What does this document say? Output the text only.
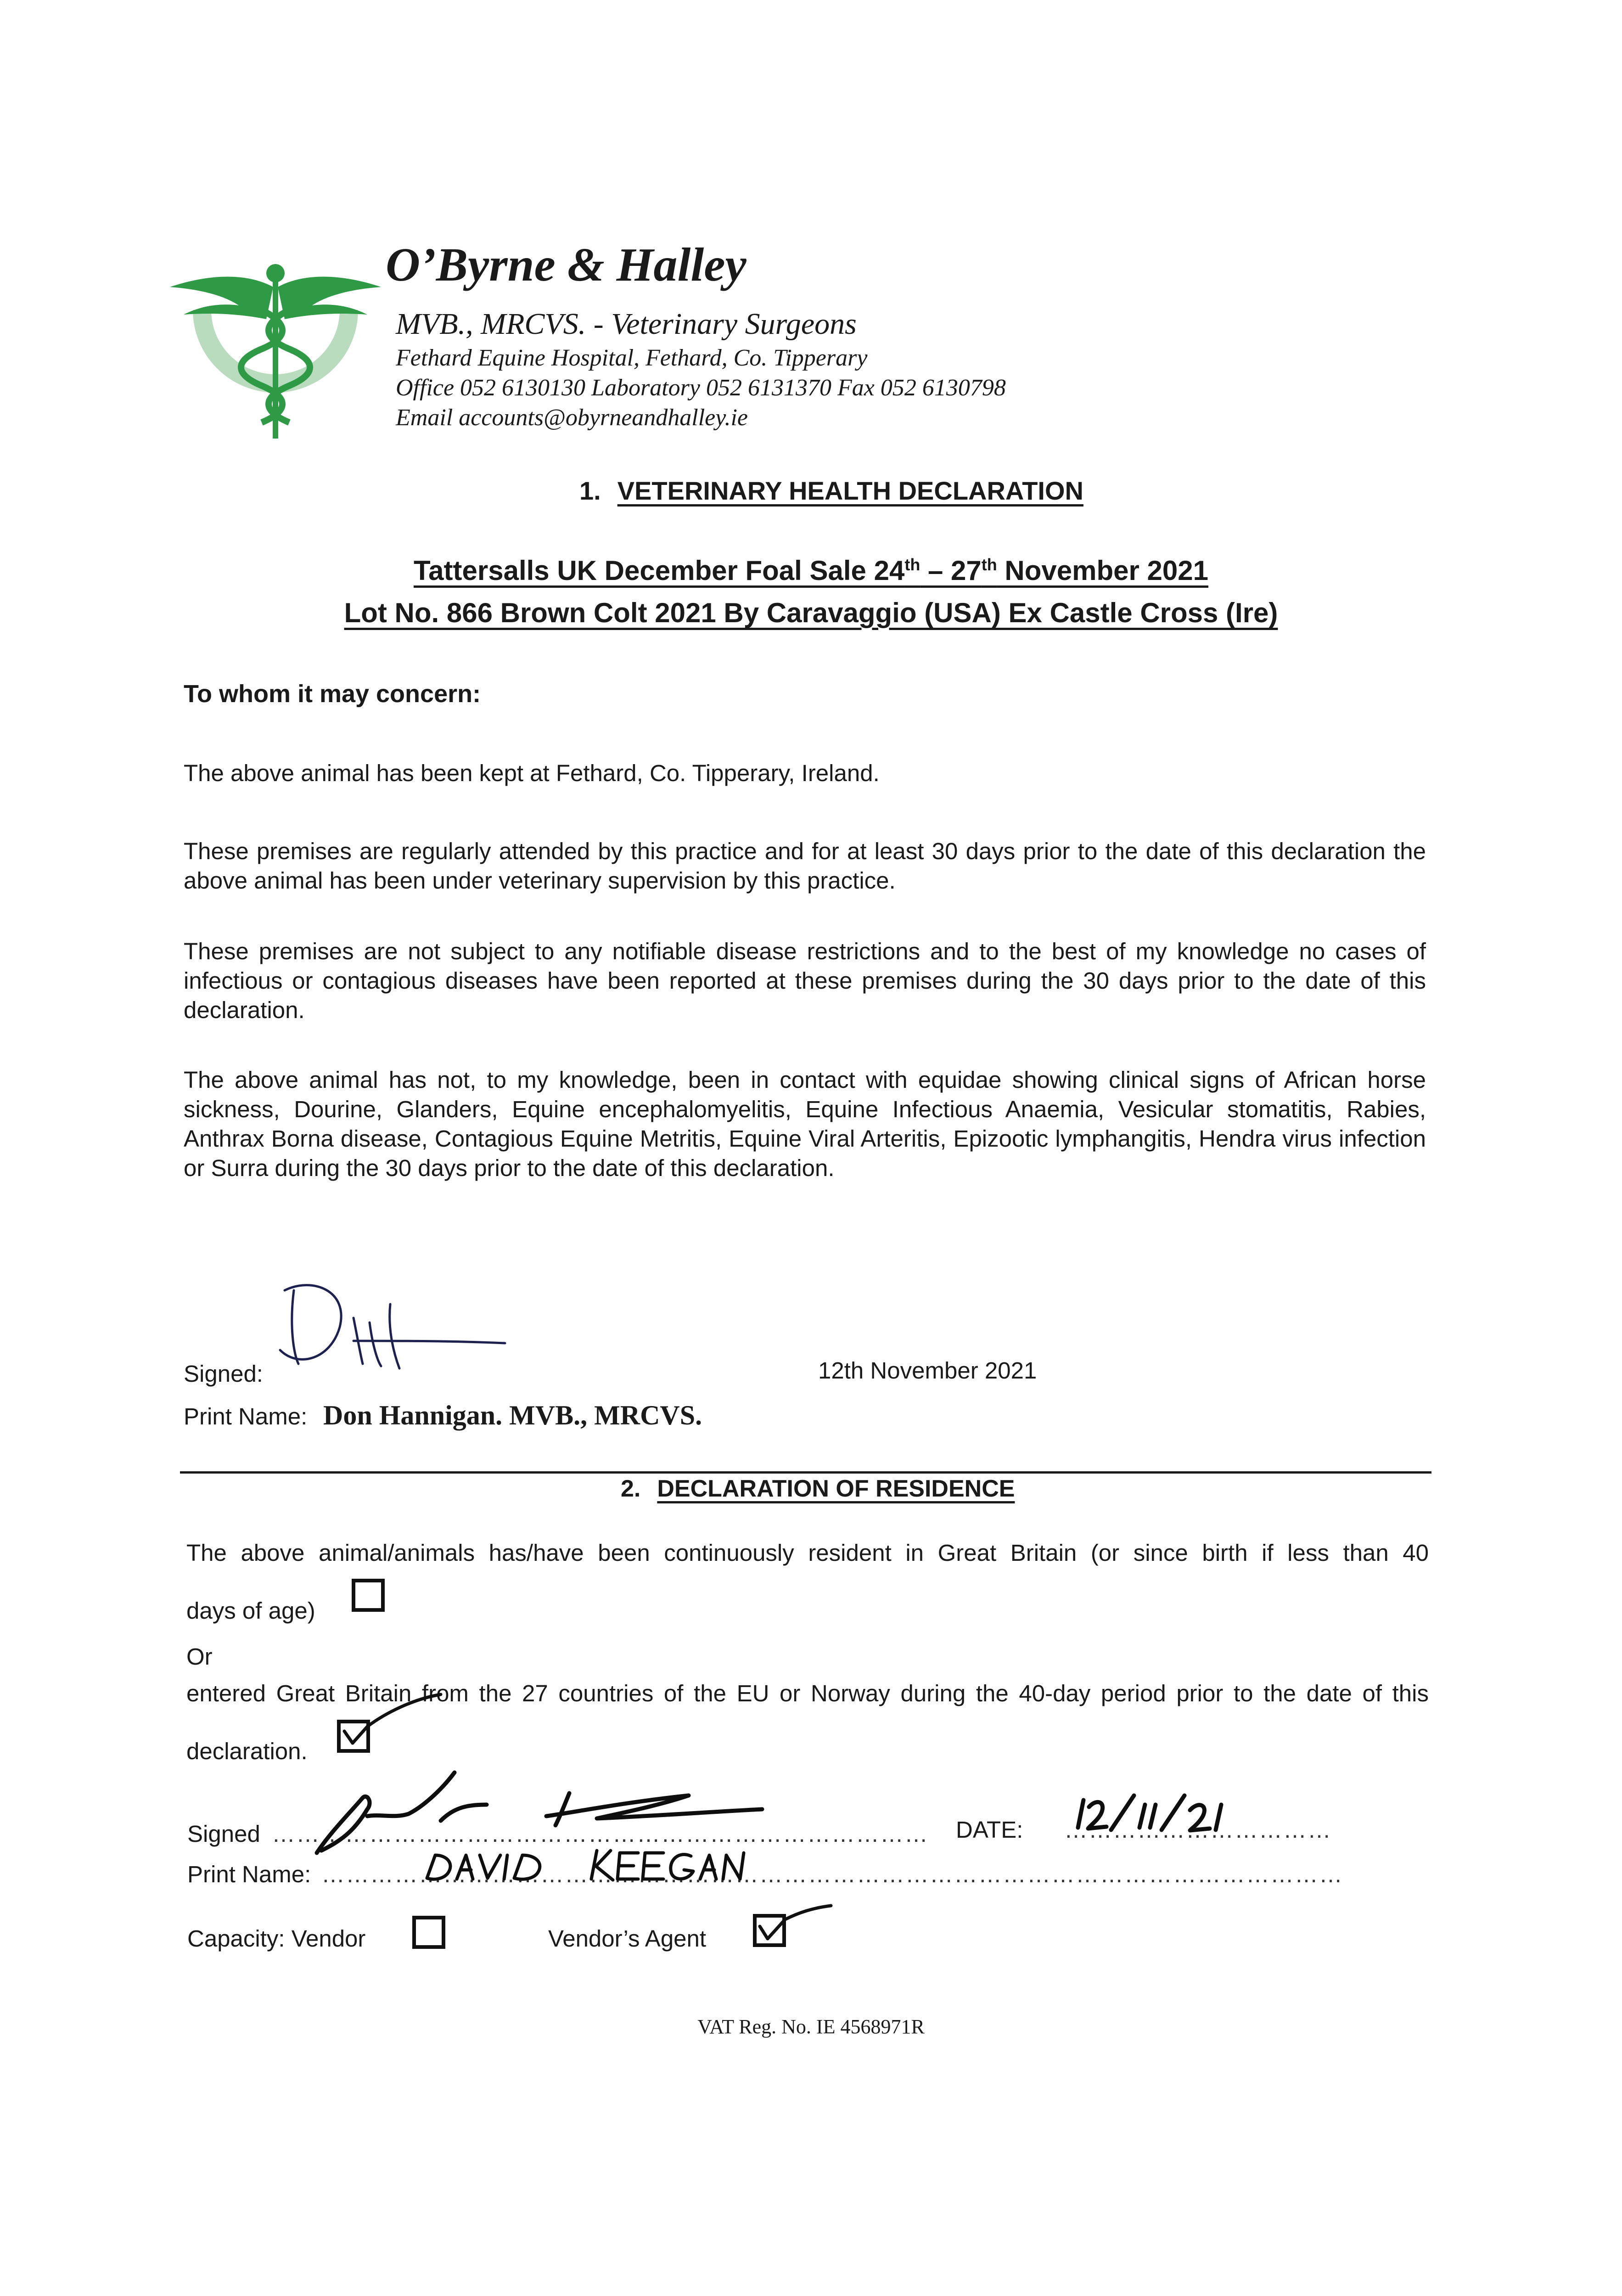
O’Byrne & Halley
MVB., MRCVS. - Veterinary Surgeons
Fethard Equine Hospital, Fethard, Co. Tipperary
Office 052 6130130 Laboratory 052 6131370 Fax 052 6130798
Email accounts@obyrneandhalley.ie
1. VETERINARY HEALTH DECLARATION
Tattersalls UK December Foal Sale 24th – 27th November 2021
Lot No. 866 Brown Colt 2021 By Caravaggio (USA) Ex Castle Cross (Ire)
To whom it may concern:
The above animal has been kept at Fethard, Co. Tipperary, Ireland.
These premises are regularly attended by this practice and for at least 30 days prior to the date of this declaration the above animal has been under veterinary supervision by this practice.
These premises are not subject to any notifiable disease restrictions and to the best of my knowledge no cases of infectious or contagious diseases have been reported at these premises during the 30 days prior to the date of this declaration.
The above animal has not, to my knowledge, been in contact with equidae showing clinical signs of African horse sickness, Dourine, Glanders, Equine encephalomyelitis, Equine Infectious Anaemia, Vesicular stomatitis, Rabies, Anthrax Borna disease, Contagious Equine Metritis, Equine Viral Arteritis, Epizootic lymphangitis, Hendra virus infection or Surra during the 30 days prior to the date of this declaration.
Signed:	12th November 2021
Print Name: Don Hannigan. MVB., MRCVS.
2. DECLARATION OF RESIDENCE
The above animal/animals has/have been continuously resident in Great Britain (or since birth if less than 40
days of age)
Or
entered Great Britain from the 27 countries of the EU or Norway during the 40-day period prior to the date of this
declaration.
Signed ……………………………………………………………………… DATE: ……………………………
Print Name: ………………………………………………………………………………………………………………
Capacity: Vendor	Vendor’s Agent
VAT Reg. No. IE 4568971R
